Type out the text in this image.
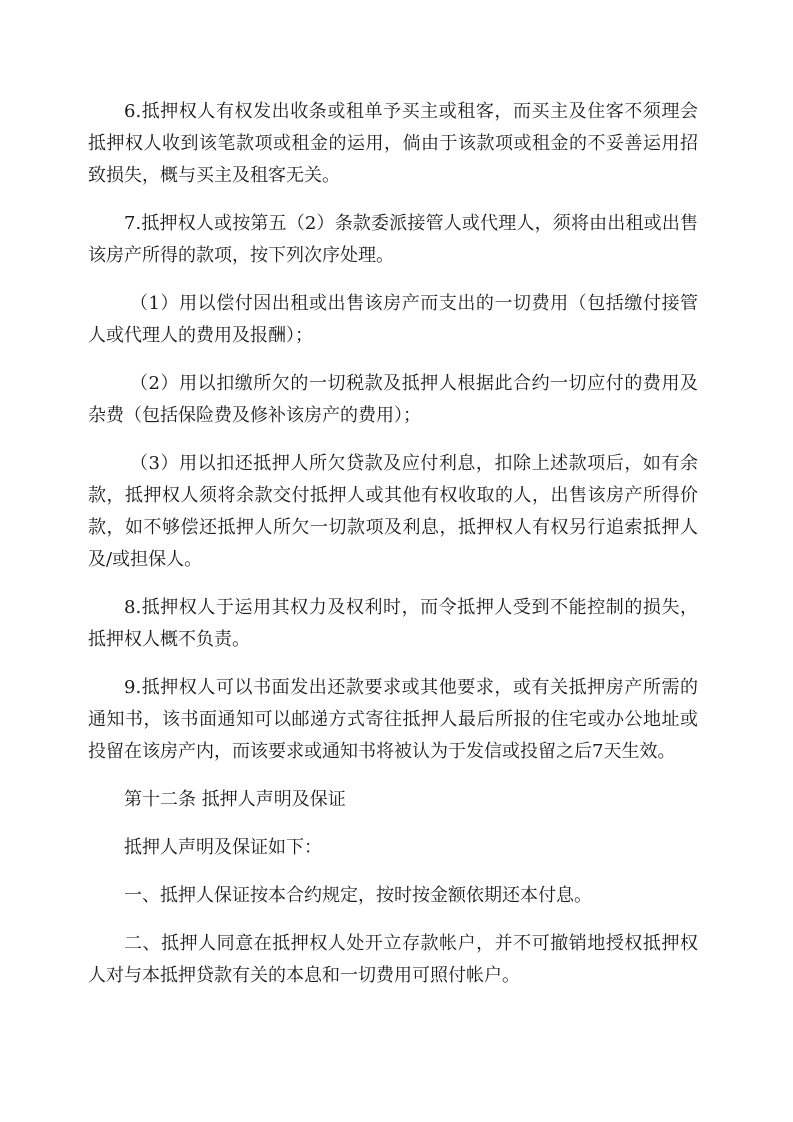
6.抵押权人有权发出收条或租单予买主或租客，而买主及住客不须理会抵押权人收到该笔款项或租金的运用，倘由于该款项或租金的不妥善运用招致损失，概与买主及租客无关。

7.抵押权人或按第五（2）条款委派接管人或代理人，须将由出租或出售该房产所得的款项，按下列次序处理。

（1）用以偿付因出租或出售该房产而支出的一切费用（包括缴付接管人或代理人的费用及报酬）；

（2）用以扣缴所欠的一切税款及抵押人根据此合约一切应付的费用及杂费（包括保险费及修补该房产的费用）；

（3）用以扣还抵押人所欠贷款及应付利息，扣除上述款项后，如有余款，抵押权人须将余款交付抵押人或其他有权收取的人，出售该房产所得价款，如不够偿还抵押人所欠一切款项及利息，抵押权人有权另行追索抵押人及/或担保人。

8.抵押权人于运用其权力及权利时，而令抵押人受到不能控制的损失，抵押权人概不负责。

9.抵押权人可以书面发出还款要求或其他要求，或有关抵押房产所需的通知书，该书面通知可以邮递方式寄往抵押人最后所报的住宅或办公地址或投留在该房产内，而该要求或通知书将被认为于发信或投留之后7天生效。

第十二条 抵押人声明及保证

抵押人声明及保证如下：

一、抵押人保证按本合约规定，按时按金额依期还本付息。

二、抵押人同意在抵押权人处开立存款帐户，并不可撤销地授权抵押权人对与本抵押贷款有关的本息和一切费用可照付帐户。
